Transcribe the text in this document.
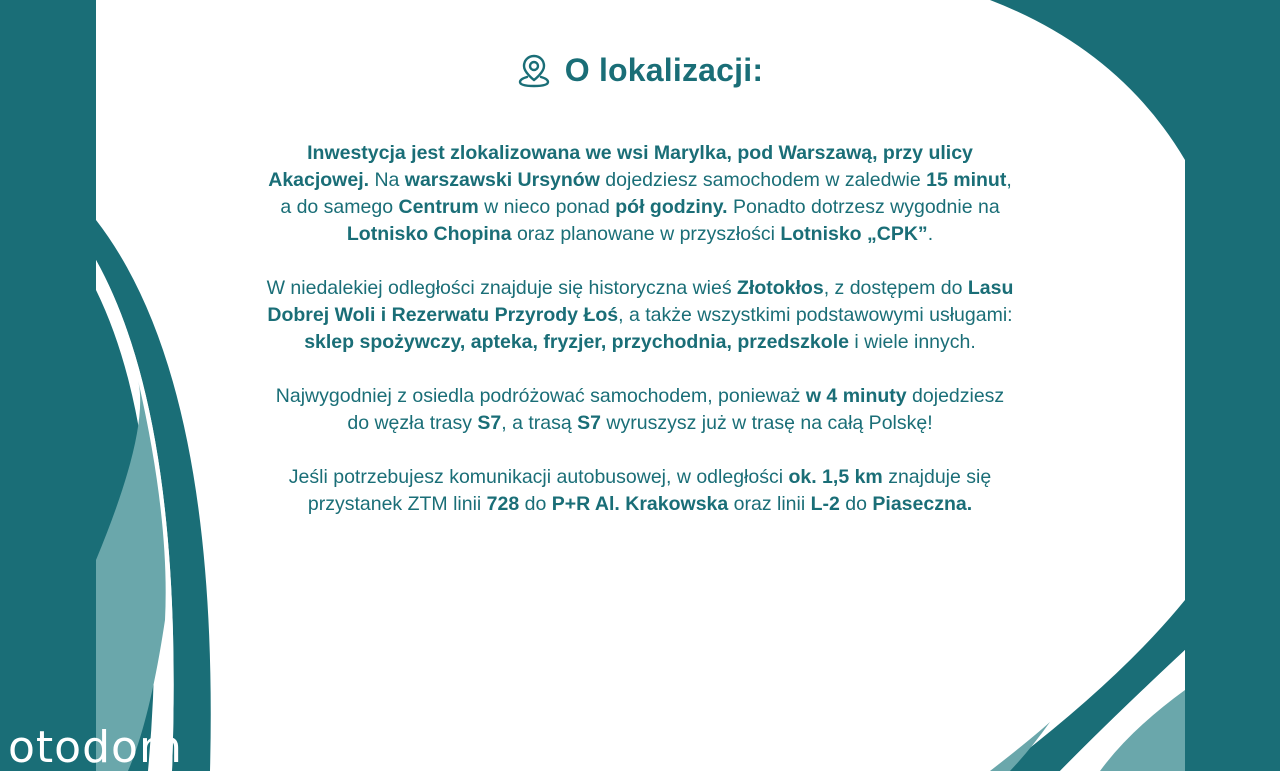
O lokalizacji:

Inwestycja jest zlokalizowana we wsi Marylka, pod Warszawą, przy ulicy Akacjowej. Na warszawski Ursynów dojedziesz samochodem w zaledwie 15 minut, a do samego Centrum w nieco ponad pół godziny. Ponadto dotrzesz wygodnie na Lotnisko Chopina oraz planowane w przyszłości Lotnisko „CPK”.

W niedalekiej odległości znajduje się historyczna wieś Złotokłos, z dostępem do Lasu Dobrej Woli i Rezerwatu Przyrody Łoś, a także wszystkimi podstawowymi usługami: sklep spożywczy, apteka, fryzjer, przychodnia, przedszkole i wiele innych.

Najwygodniej z osiedla podróżować samochodem, ponieważ w 4 minuty dojedziesz do węzła trasy S7, a trasą S7 wyruszysz już w trasę na całą Polskę!

Jeśli potrzebujesz komunikacji autobusowej, w odległości ok. 1,5 km znajduje się przystanek ZTM linii 728 do P+R Al. Krakowska oraz linii L-2 do Piaseczna.

otodom
